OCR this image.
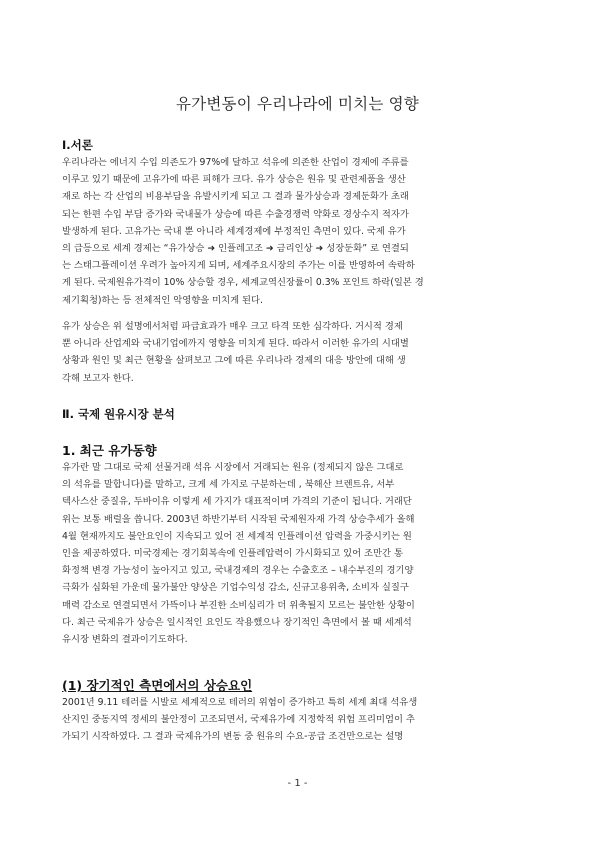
유가변동이 우리나라에 미치는 영향
Ⅰ.서론
우리나라는 에너지 수입 의존도가 97%에 달하고 석유에 의존한 산업이 경제에 주류를
이루고 있기 때문에 고유가에 따른 피해가 크다. 유가 상승은 원유 및 관련제품을 생산
재로 하는 각 산업의 비용부담을 유발시키게 되고 그 결과 물가상승과 경제둔화가 초래
되는 한편 수입 부담 증가와 국내물가 상승에 따른 수출경쟁력 약화로 경상수지 적자가
발생하게 된다. 고유가는 국내 뿐 아니라 세계경제에 부정적인 측면이 있다. 국제 유가
의 급등으로 세계 경제는 “유가상승 ➜ 인플레고조 ➜ 금리인상 ➜ 성장둔화” 로 연결되
는 스태그플레이션 우려가 높아지게 되며, 세계주요시장의 주가는 이를 반영하여 속락하
게 된다. 국제원유가격이 10% 상승할 경우, 세계교역신장률이 0.3% 포인트 하락(일본 경
제기획청)하는 등 전체적인 악영향을 미치게 된다.
유가 상승은 위 설명에서처럼 파급효과가 매우 크고 타격 또한 심각하다. 거시적 경제
뿐 아니라 산업계와 국내기업에까지 영향을 미치게 된다. 따라서 이러한 유가의 시대별
상황과 원인 및 최근 현황을 살펴보고 그에 따른 우리나라 경제의 대응 방안에 대해 생
각해 보고자 한다.
Ⅱ. 국제 원유시장 분석
1. 최근 유가동향
유가란 말 그대로 국제 선물거래 석유 시장에서 거래되는 원유 (정제되지 않은 그대로
의 석유를 말합니다)를 말하고, 크게 세 가지로 구분하는데 , 북해산 브렌트유, 서부
텍사스산 중질유, 두바이유 이렇게 세 가지가 대표적이며 가격의 기준이 됩니다. 거래단
위는 보통 배럴을 씁니다. 2003년 하반기부터 시작된 국제원자재 가격 상승추세가 올해
4월 현재까지도 불안요인이 지속되고 있어 전 세계적 인플레이션 압력을 가중시키는 원
인을 제공하였다. 미국경제는 경기회복속에 인플레압력이 가시화되고 있어 조만간 통
화정책 변경 가능성이 높아지고 있고, 국내경제의 경우는 수출호조 – 내수부진의 경기양
극화가 심화된 가운데 물가불안 양상은 기업수익성 감소, 신규고용위축, 소비자 실질구
매력 감소로 연결되면서 가뜩이나 부진한 소비심리가 더 위축될지 모르는 불안한 상황이
다. 최근 국제유가 상승은 일시적인 요인도 작용했으나 장기적인 측면에서 볼 때 세계석
유시장 변화의 결과이기도하다.
(1) 장기적인 측면에서의 상승요인
2001년 9.11 테러를 시발로 세계적으로 테러의 위험이 증가하고 특히 세계 최대 석유생
산지인 중동지역 정세의 불안정이 고조되면서, 국제유가에 지정학적 위험 프리미엄이 추
가되기 시작하였다. 그 결과 국제유가의 변동 중 원유의 수요-공급 조건만으로는 설명
- 1 -
